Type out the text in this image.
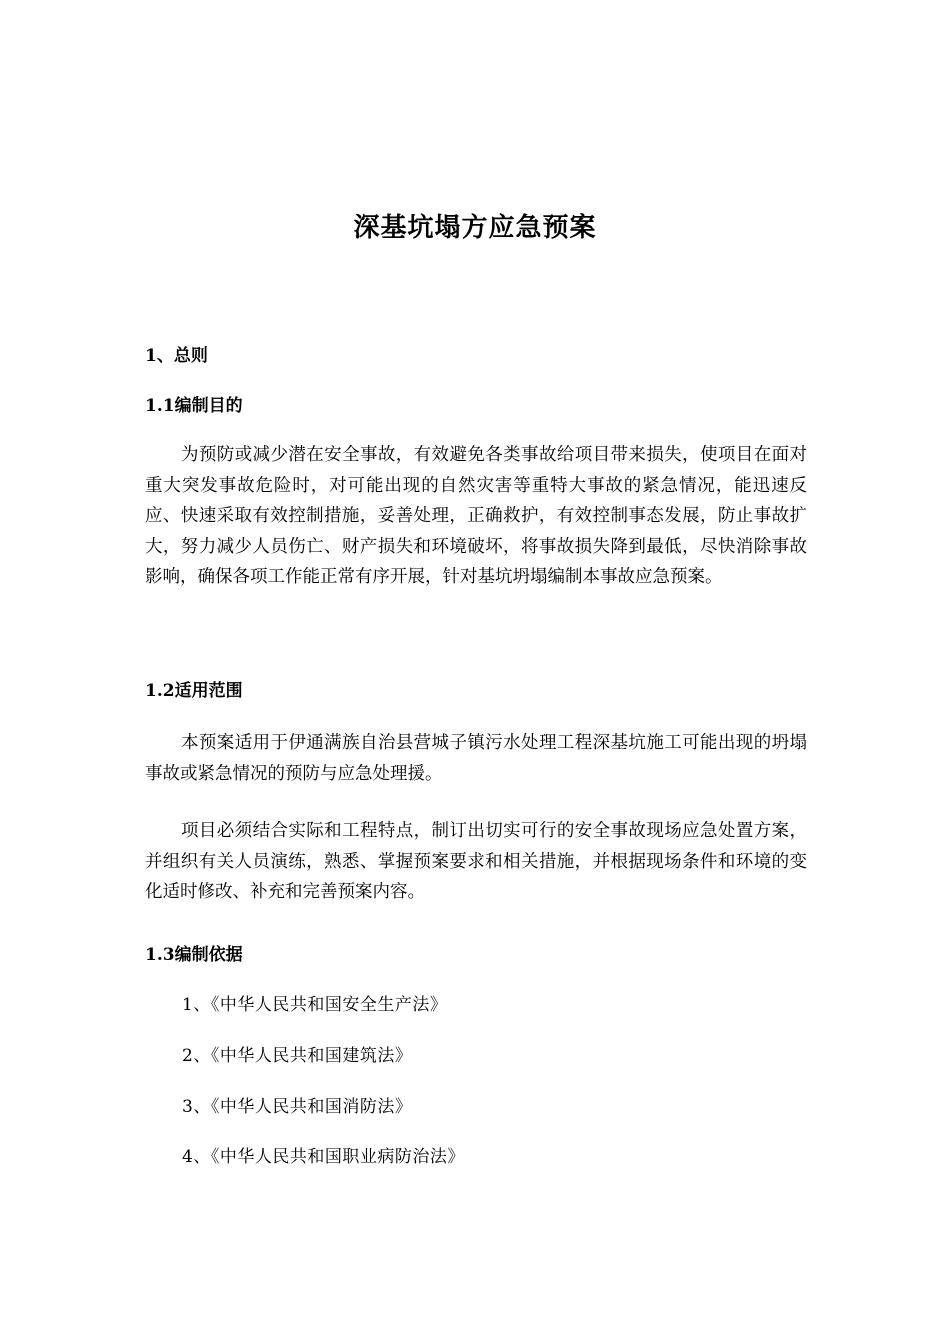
深基坑塌方应急预案

1、总则

1.1编制目的

为预防或减少潜在安全事故，有效避免各类事故给项目带来损失，使项目在面对重大突发事故危险时，对可能出现的自然灾害等重特大事故的紧急情况，能迅速反应、快速采取有效控制措施，妥善处理，正确救护，有效控制事态发展，防止事故扩大，努力减少人员伤亡、财产损失和环境破坏，将事故损失降到最低，尽快消除事故影响，确保各项工作能正常有序开展，针对基坑坍塌编制本事故应急预案。

1.2适用范围

本预案适用于伊通满族自治县营城子镇污水处理工程深基坑施工可能出现的坍塌事故或紧急情况的预防与应急处理援。

项目必须结合实际和工程特点，制订出切实可行的安全事故现场应急处置方案，并组织有关人员演练，熟悉、掌握预案要求和相关措施，并根据现场条件和环境的变化适时修改、补充和完善预案内容。

1.3编制依据

1、《中华人民共和国安全生产法》

2、《中华人民共和国建筑法》

3、《中华人民共和国消防法》

4、《中华人民共和国职业病防治法》
